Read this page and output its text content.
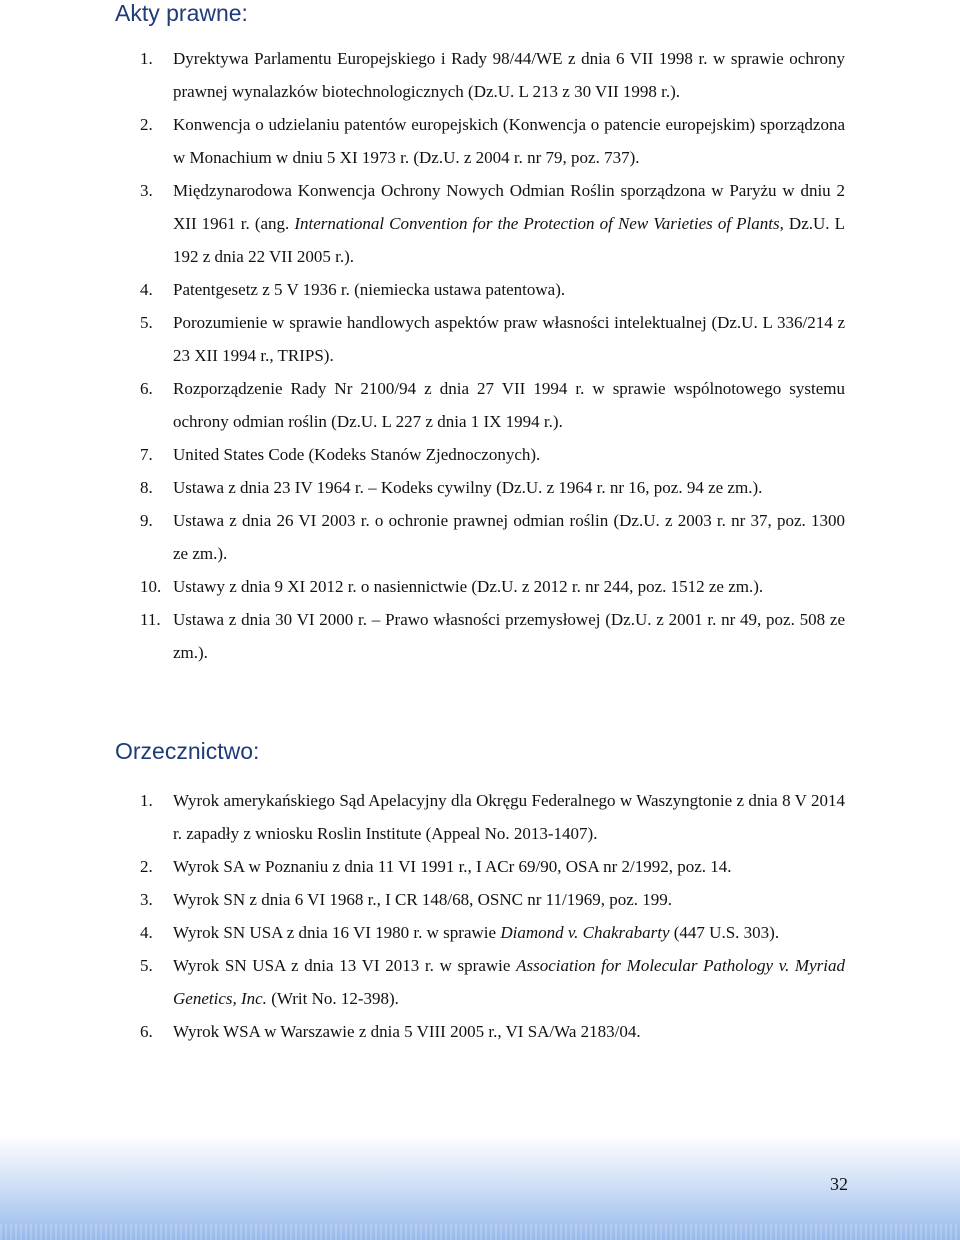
Akty prawne:
1.	Dyrektywa Parlamentu Europejskiego i Rady 98/44/WE z dnia 6 VII 1998 r. w sprawie ochrony prawnej wynalazków biotechnologicznych (Dz.U. L 213 z 30 VII 1998 r.).
2.	Konwencja o udzielaniu patentów europejskich (Konwencja o patencie europejskim) sporządzona w Monachium w dniu 5 XI 1973 r. (Dz.U. z 2004 r. nr 79, poz. 737).
3.	Międzynarodowa Konwencja Ochrony Nowych Odmian Roślin sporządzona w Paryżu w dniu 2 XII 1961 r. (ang. International Convention for the Protection of New Varieties of Plants, Dz.U. L 192 z dnia 22 VII 2005 r.).
4.	Patentgesetz z 5 V 1936 r. (niemiecka ustawa patentowa).
5.	Porozumienie w sprawie handlowych aspektów praw własności intelektualnej (Dz.U. L 336/214 z 23 XII 1994 r., TRIPS).
6.	Rozporządzenie Rady Nr 2100/94 z dnia 27 VII 1994 r. w sprawie wspólnotowego systemu ochrony odmian roślin (Dz.U. L 227 z dnia 1 IX 1994 r.).
7.	United States Code (Kodeks Stanów Zjednoczonych).
8.	Ustawa z dnia 23 IV 1964 r. – Kodeks cywilny (Dz.U. z 1964 r. nr 16, poz. 94 ze zm.).
9.	Ustawa z dnia 26 VI 2003 r. o ochronie prawnej odmian roślin (Dz.U. z 2003 r. nr 37, poz. 1300 ze zm.).
10. Ustawy z dnia 9 XI 2012 r. o nasiennictwie (Dz.U. z 2012 r. nr 244, poz. 1512 ze zm.).
11. Ustawa z dnia 30 VI 2000 r. – Prawo własności przemysłowej (Dz.U. z 2001 r. nr 49, poz. 508 ze zm.).
Orzecznictwo:
1.	Wyrok amerykańskiego Sąd Apelacyjny dla Okręgu Federalnego w Waszyngtonie z dnia 8 V 2014 r. zapadły z wniosku Roslin Institute (Appeal No. 2013-1407).
2.	Wyrok SA w Poznaniu z dnia 11 VI 1991 r., I ACr 69/90, OSA nr 2/1992, poz. 14.
3.	Wyrok SN z dnia 6 VI 1968 r., I CR 148/68, OSNC nr 11/1969, poz. 199.
4.	Wyrok SN USA z dnia 16 VI 1980 r. w sprawie Diamond v. Chakrabarty (447 U.S. 303).
5.	Wyrok SN USA z dnia 13 VI 2013 r. w sprawie Association for Molecular Pathology v. Myriad Genetics, Inc. (Writ No. 12-398).
6.	Wyrok WSA w Warszawie z dnia 5 VIII 2005 r., VI SA/Wa 2183/04.
32
